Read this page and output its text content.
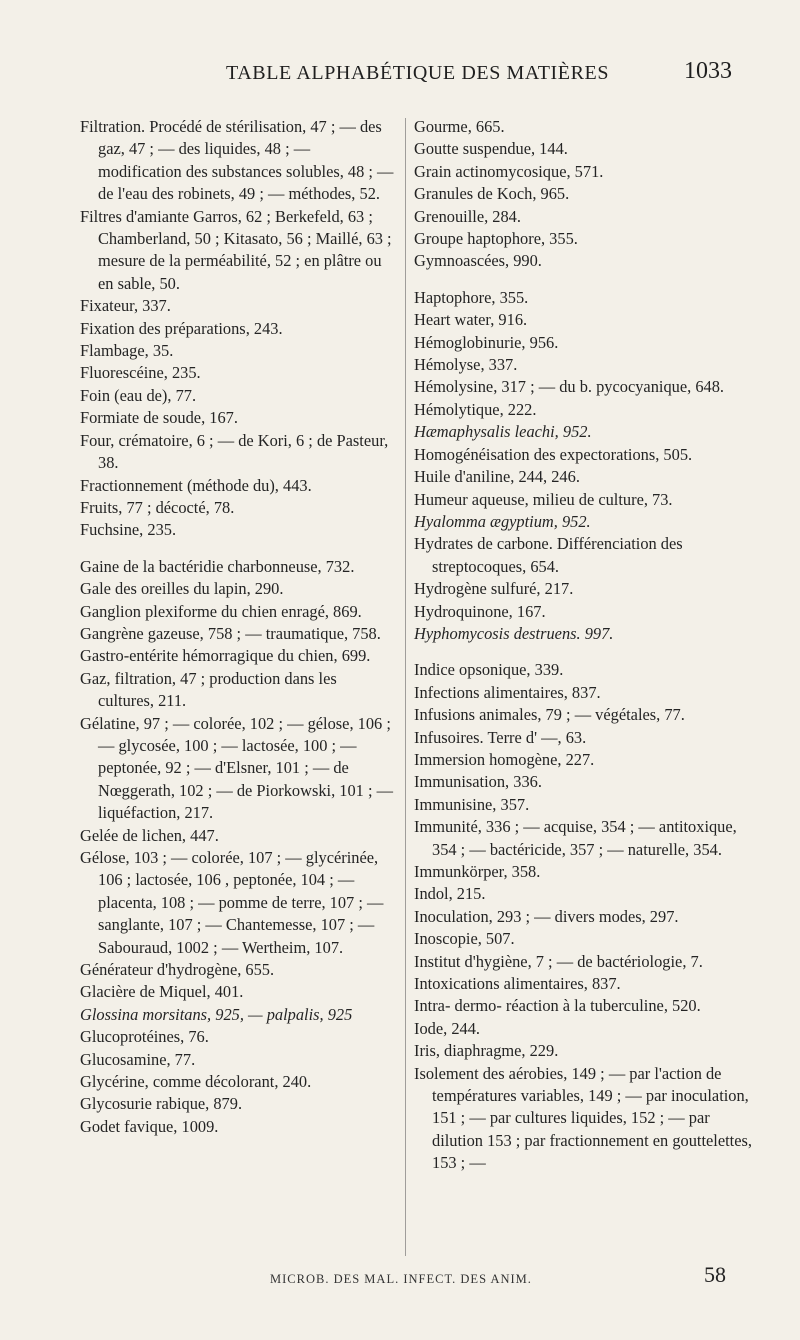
TABLE ALPHABÉTIQUE DES MATIÈRES	1033

Filtration. Procédé de stérilisation, 47 ; — des gaz, 47 ; — des liquides, 48 ; — modification des substances solubles, 48 ; — de l'eau des robinets, 49 ; — méthodes, 52.

Filtres d'amiante Garros, 62 ; Berkefeld, 63 ; Chamberland, 50 ; Kitasato, 56 ; Maillé, 63 ; mesure de la perméabilité, 52 ; en plâtre ou en sable, 50.

Fixateur, 337.

Fixation des préparations, 243.

Flambage, 35.

Fluorescéine, 235.

Foin (eau de), 77.

Formiate de soude, 167.

Four, crématoire, 6 ; — de Kori, 6 ; de Pasteur, 38.

Fractionnement (méthode du), 443.

Fruits, 77 ; décocté, 78.

Fuchsine, 235.

Gaine de la bactéridie charbonneuse, 732.

Gale des oreilles du lapin, 290.

Ganglion plexiforme du chien enragé, 869.

Gangrène gazeuse, 758 ; — traumatique, 758.

Gastro-entérite hémorragique du chien, 699.

Gaz, filtration, 47 ; production dans les cultures, 211.

Gélatine, 97 ; — colorée, 102 ; — gélose, 106 ; — glycosée, 100 ; — lactosée, 100 ; — peptonée, 92 ; — d'Elsner, 101 ; — de Nœggerath, 102 ; — de Piorkowski, 101 ; — liquéfaction, 217.

Gelée de lichen, 447.

Gélose, 103 ; — colorée, 107 ; — glycérinée, 106 ; lactosée, 106 , peptonée, 104 ; — placenta, 108 ; — pomme de terre, 107 ; — sanglante, 107 ; — Chantemesse, 107 ; — Sabouraud, 1002 ; — Wertheim, 107.

Générateur d'hydrogène, 655.

Glacière de Miquel, 401.

Glossina morsitans, 925, — palpalis, 925

Glucoprotéines, 76.

Glucosamine, 77.

Glycérine, comme décolorant, 240.

Glycosurie rabique, 879.

Godet favique, 1009.

Gourme, 665.

Goutte suspendue, 144.

Grain actinomycosique, 571.

Granules de Koch, 965.

Grenouille, 284.

Groupe haptophore, 355.

Gymnoascées, 990.

Haptophore, 355.

Heart water, 916.

Hémoglobinurie, 956.

Hémolyse, 337.

Hémolysine, 317 ; — du b. pycocyanique, 648.

Hémolytique, 222.

Hæmaphysalis leachi, 952.

Homogénéisation des expectorations, 505.

Huile d'aniline, 244, 246.

Humeur aqueuse, milieu de culture, 73.

Hyalomma ægyptium, 952.

Hydrates de carbone. Différenciation des streptocoques, 654.

Hydrogène sulfuré, 217.

Hydroquinone, 167.

Hyphomycosis destruens. 997.

Indice opsonique, 339.

Infections alimentaires, 837.

Infusions animales, 79 ; — végétales, 77.

Infusoires. Terre d' —, 63.

Immersion homogène, 227.

Immunisation, 336.

Immunisine, 357.

Immunité, 336 ; — acquise, 354 ; — antitoxique, 354 ; — bactéricide, 357 ; — naturelle, 354.

Immunkörper, 358.

Indol, 215.

Inoculation, 293 ; — divers modes, 297.

Inoscopie, 507.

Institut d'hygiène, 7 ; — de bactériologie, 7.

Intoxications alimentaires, 837.

Intra- dermo- réaction à la tuberculine, 520.

Iode, 244.

Iris, diaphragme, 229.

Isolement des aérobies, 149 ; — par l'action de températures variables, 149 ; — par inoculation, 151 ; — par cultures liquides, 152 ; — par dilution 153 ; par fractionnement en gouttelettes, 153 ; —

MICROB. DES MAL. INFECT. DES ANIM.	58
